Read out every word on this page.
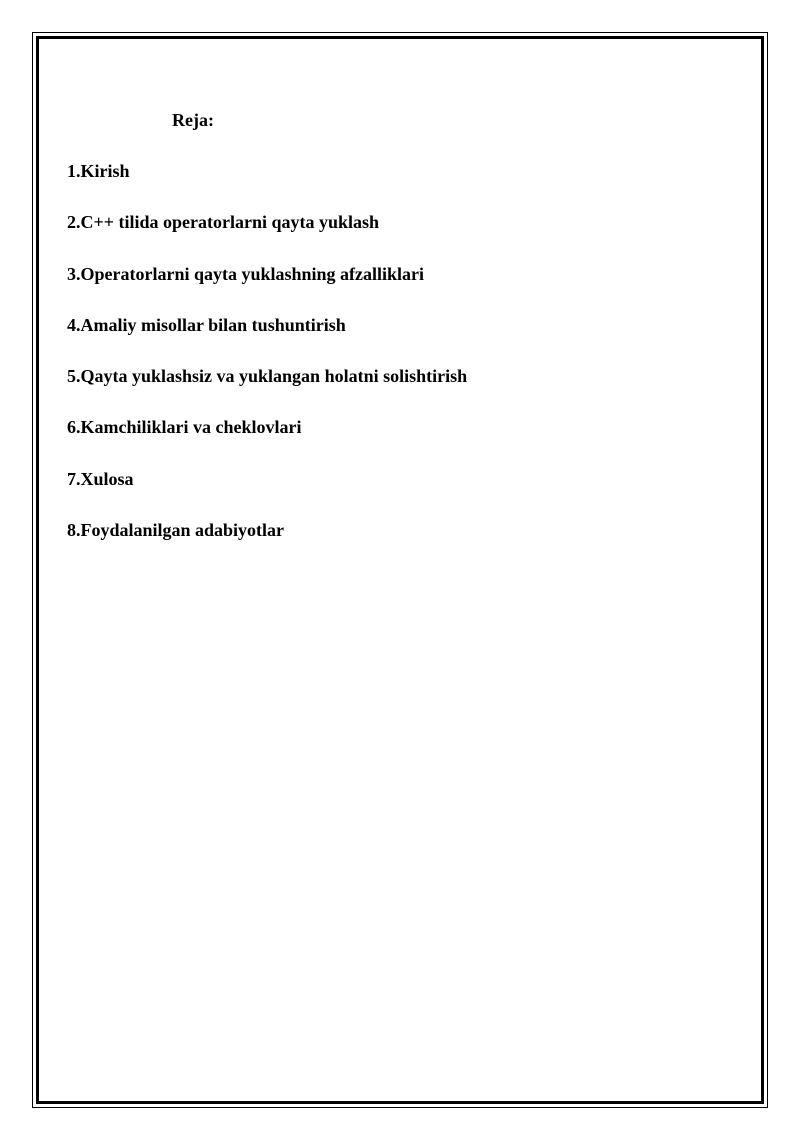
Reja:
1.Kirish
2.C++ tilida operatorlarni qayta yuklash
3.Operatorlarni qayta yuklashning afzalliklari
4.Amaliy misollar bilan tushuntirish
5.Qayta yuklashsiz va yuklangan holatni solishtirish
6.Kamchiliklari va cheklovlari
7.Xulosa
8.Foydalanilgan adabiyotlar
